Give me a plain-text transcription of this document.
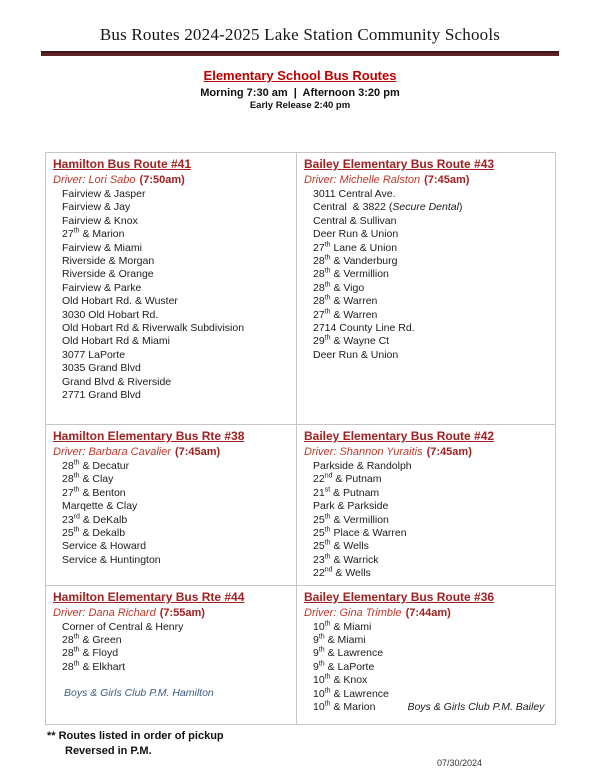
Bus Routes 2024-2025 Lake Station Community Schools
Elementary School Bus Routes
Morning 7:30 am  |  Afternoon 3:20 pm
Early Release 2:40 pm
Hamilton Bus Route #41
Driver: Lori Sabo (7:50am)
Fairview & Jasper
Fairview & Jay
Fairview & Knox
27th & Marion
Fairview & Miami
Riverside & Morgan
Riverside & Orange
Fairview & Parke
Old Hobart Rd. & Wuster
3030 Old Hobart Rd.
Old Hobart Rd & Riverwalk Subdivision
Old Hobart Rd & Miami
3077 LaPorte
3035 Grand Blvd
Grand Blvd & Riverside
2771 Grand Blvd

Bailey Elementary Bus Route #43
Driver: Michelle Ralston (7:45am)
3011 Central Ave.
Central  & 3822 (Secure Dental)
Central & Sullivan
Deer Run & Union
27th Lane & Union
28th & Vanderburg
28th & Vermillion
28th & Vigo
28th & Warren
27th & Warren
2714 County Line Rd.
29th & Wayne Ct
Deer Run & Union

Hamilton Elementary Bus Rte #38
Driver: Barbara Cavalier (7:45am)
28th & Decatur
28th & Clay
27th & Benton
Marqette & Clay
23rd & DeKalb
25th & Dekalb
Service & Howard
Service & Huntington

Bailey Elementary Bus Route #42
Driver: Shannon Yuraitis (7:45am)
Parkside & Randolph
22nd & Putnam
21st & Putnam
Park & Parkside
25th & Vermillion
25th Place & Warren
25th & Wells
23th & Warrick
22nd & Wells

Hamilton Elementary Bus Rte #44
Driver: Dana Richard (7:55am)
Corner of Central & Henry
28th & Green
28th & Floyd
28th & Elkhart
Boys & Girls Club P.M. Hamilton

Bailey Elementary Bus Route #36
Driver: Gina Trimble (7:44am)
10th & Miami
9th & Miami
9th & Lawrence
9th & LaPorte
10th & Knox
10th & Lawrence
10th & Marion	Boys & Girls Club P.M. Bailey
** Routes listed in order of pickup
Reversed in P.M.
07/30/2024
